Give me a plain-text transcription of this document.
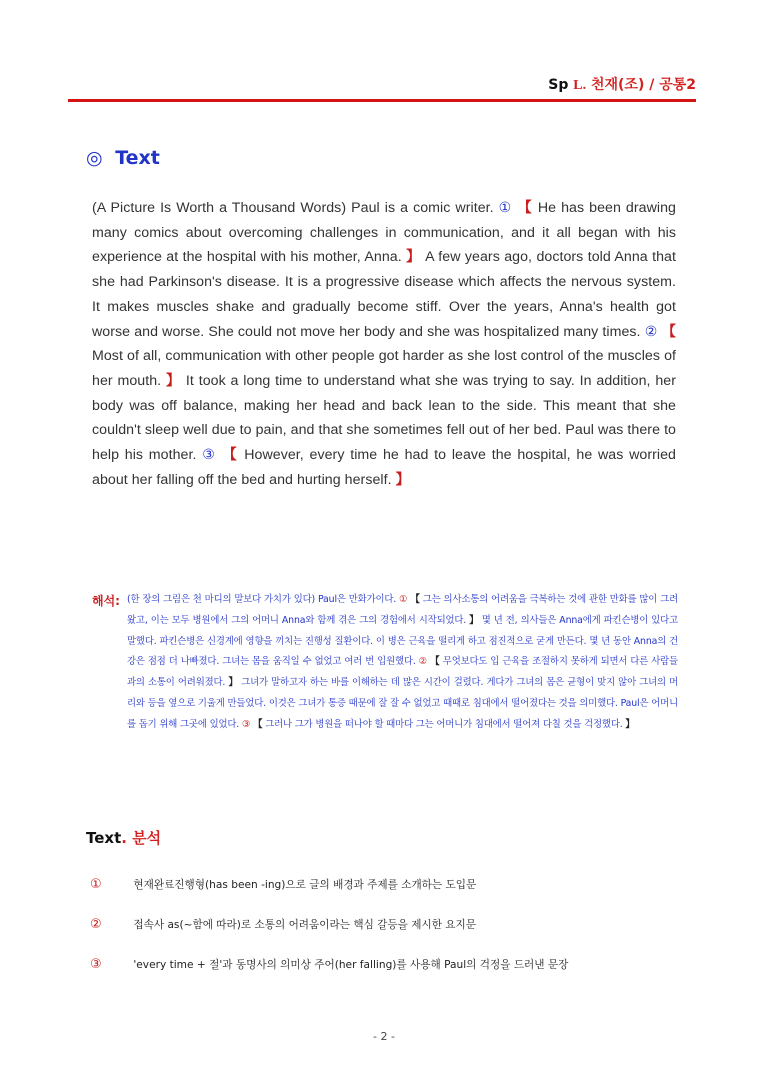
Sp L. 천재(조) / 공통2
◎ Text
(A Picture Is Worth a Thousand Words) Paul is a comic writer. ① 【 He has been drawing many comics about overcoming challenges in communication, and it all began with his experience at the hospital with his mother, Anna. 】 A few years ago, doctors told Anna that she had Parkinson's disease. It is a progressive disease which affects the nervous system. It makes muscles shake and gradually become stiff. Over the years, Anna's health got worse and worse. She could not move her body and she was hospitalized many times. ② 【 Most of all, communication with other people got harder as she lost control of the muscles of her mouth. 】 It took a long time to understand what she was trying to say. In addition, her body was off balance, making her head and back lean to the side. This meant that she couldn't sleep well due to pain, and that she sometimes fell out of her bed. Paul was there to help his mother. ③ 【 However, every time he had to leave the hospital, he was worried about her falling off the bed and hurting herself. 】
해석: (한 장의 그림은 천 마디의 말보다 가치가 있다) Paul은 만화가이다. ① 【 그는 의사소통의 어려움을 극복하는 것에 관한 만화를 많이 그려왔고, 이는 모두 병원에서 그의 어머니 Anna와 함께 겪은 그의 경험에서 시작되었다. 】 몇 년 전, 의사들은 Anna에게 파킨슨병이 있다고 말했다. 파킨슨병은 신경계에 영향을 끼치는 진행성 질환이다. 이 병은 근육을 떨리게 하고 점진적으로 굳게 만든다. 몇 년 동안 Anna의 건강은 점점 더 나빠졌다. 그녀는 몸을 움직일 수 없었고 여러 번 입원했다. ② 【 무엇보다도 입 근육을 조절하지 못하게 되면서 다른 사람들과의 소통이 어려워졌다. 】 그녀가 말하고자 하는 바를 이해하는 데 많은 시간이 걸렸다. 게다가 그녀의 몸은 균형이 맞지 않아 그녀의 머리와 등을 옆으로 기울게 만들었다. 이것은 그녀가 통증 때문에 잘 잘 수 없었고 때때로 침대에서 떨어졌다는 것을 의미했다. Paul은 어머니를 돕기 위해 그곳에 있었다. ③ 【 그러나 그가 병원을 떠나야 할 때마다 그는 어머니가 침대에서 떨어져 다칠 것을 걱정했다. 】
Text. 분석
①	현재완료진행형(has been -ing)으로 글의 배경과 주제를 소개하는 도입문
②	접속사 as(~함에 따라)로 소통의 어려움이라는 핵심 갈등을 제시한 요지문
③	'every time + 절'과 동명사의 의미상 주어(her falling)를 사용해 Paul의 걱정을 드러낸 문장
- 2 -
